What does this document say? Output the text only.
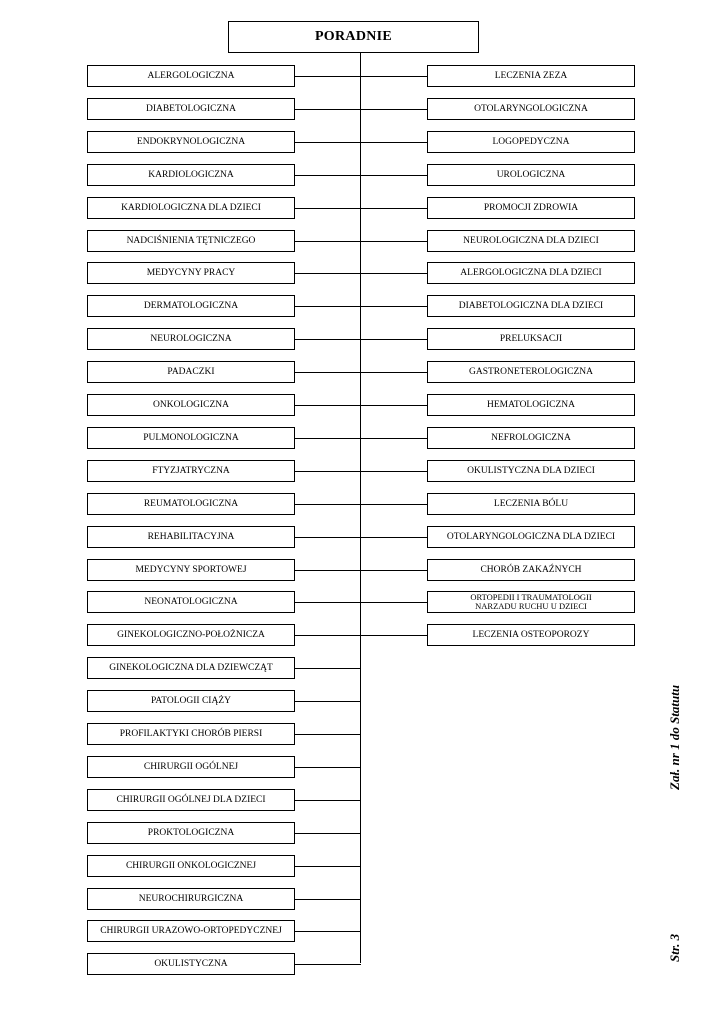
PORADNIE
ALERGOLOGICZNA
DIABETOLOGICZNA
ENDOKRYNOLOGICZNA
KARDIOLOGICZNA
KARDIOLOGICZNA DLA DZIECI
NADCIŚNIENIA TĘTNICZEGO
MEDYCYNY PRACY
DERMATOLOGICZNA
NEUROLOGICZNA
PADACZKI
ONKOLOGICZNA
PULMONOLOGICZNA
FTYZJATRYCZNA
REUMATOLOGICZNA
REHABILITACYJNA
MEDYCYNY SPORTOWEJ
NEONATOLOGICZNA
GINEKOLOGICZNO-POŁOŻNICZA
GINEKOLOGICZNA DLA DZIEWCZĄT
PATOLOGII CIĄŻY
PROFILAKTYKI CHORÓB PIERSI
CHIRURGII OGÓLNEJ
CHIRURGII OGÓLNEJ DLA DZIECI
PROKTOLOGICZNA
CHIRURGII ONKOLOGICZNEJ
NEUROCHIRURGICZNA
CHIRURGII URAZOWO-ORTOPEDYCZNEJ
OKULISTYCZNA
LECZENIA ZEZA
OTOLARYNGOLOGICZNA
LOGOPEDYCZNA
UROLOGICZNA
PROMOCJI ZDROWIA
NEUROLOGICZNA DLA DZIECI
ALERGOLOGICZNA DLA DZIECI
DIABETOLOGICZNA DLA DZIECI
PRELUKSACJI
GASTRONETEROLOGICZNA
HEMATOLOGICZNA
NEFROLOGICZNA
OKULISTYCZNA DLA DZIECI
LECZENIA BÓLU
OTOLARYNGOLOGICZNA DLA DZIECI
CHORÓB ZAKAŹNYCH
ORTOPEDII I TRAUMATOLOGII
NARZADU RUCHU U DZIECI
LECZENIA OSTEOPOROZY
Zał. nr 1 do Statutu
Str. 3
